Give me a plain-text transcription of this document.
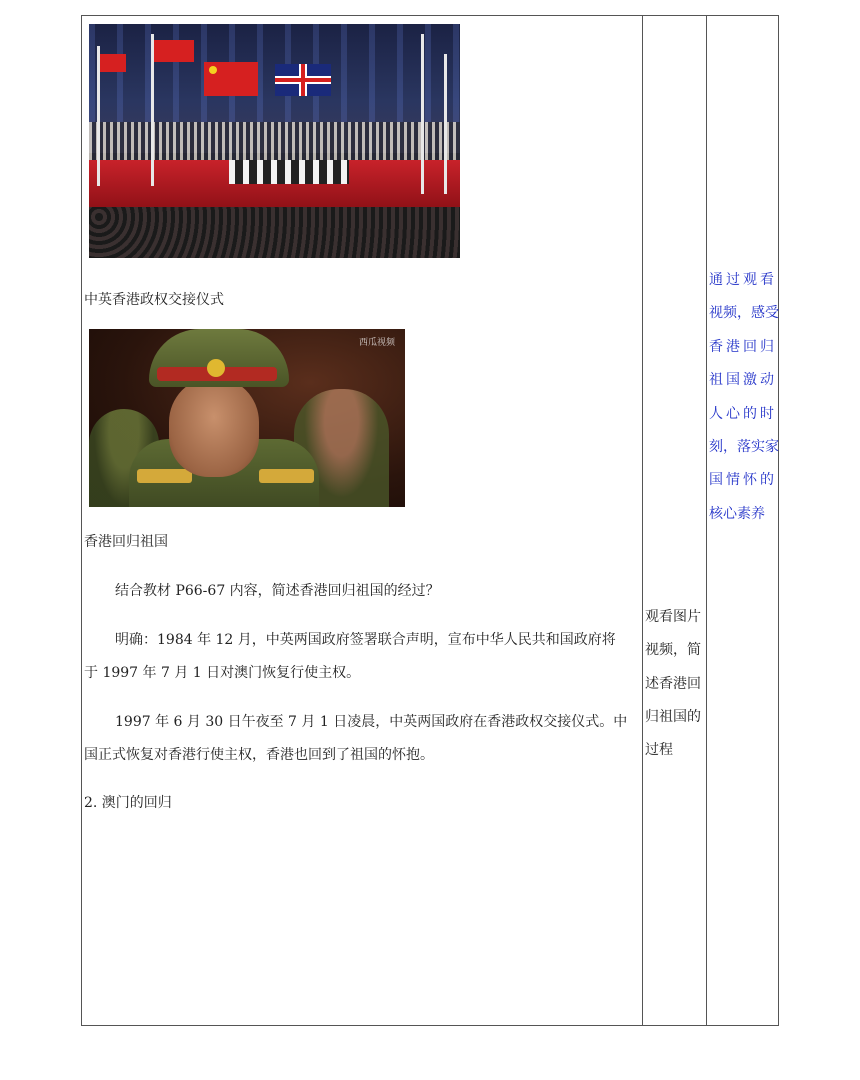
中英香港政权交接仪式
西瓜视频
香港回归祖国
结合教材 P66-67 内容，简述香港回归祖国的经过？
明确：1984 年 12 月，中英两国政府签署联合声明，宣布中华人民共和国政府将
于 1997 年 7 月 1 日对澳门恢复行使主权。
1997 年 6 月 30 日午夜至 7 月 1 日凌晨，中英两国政府在香港政权交接仪式。中
国正式恢复对香港行使主权，香港也回到了祖国的怀抱。
2. 澳门的回归
观看图片
视频，简
述香港回
归祖国的
过程
通过观看
视频，感受
香港回归
祖国激动
人心的时
刻，落实家
国情怀的
核心素养
